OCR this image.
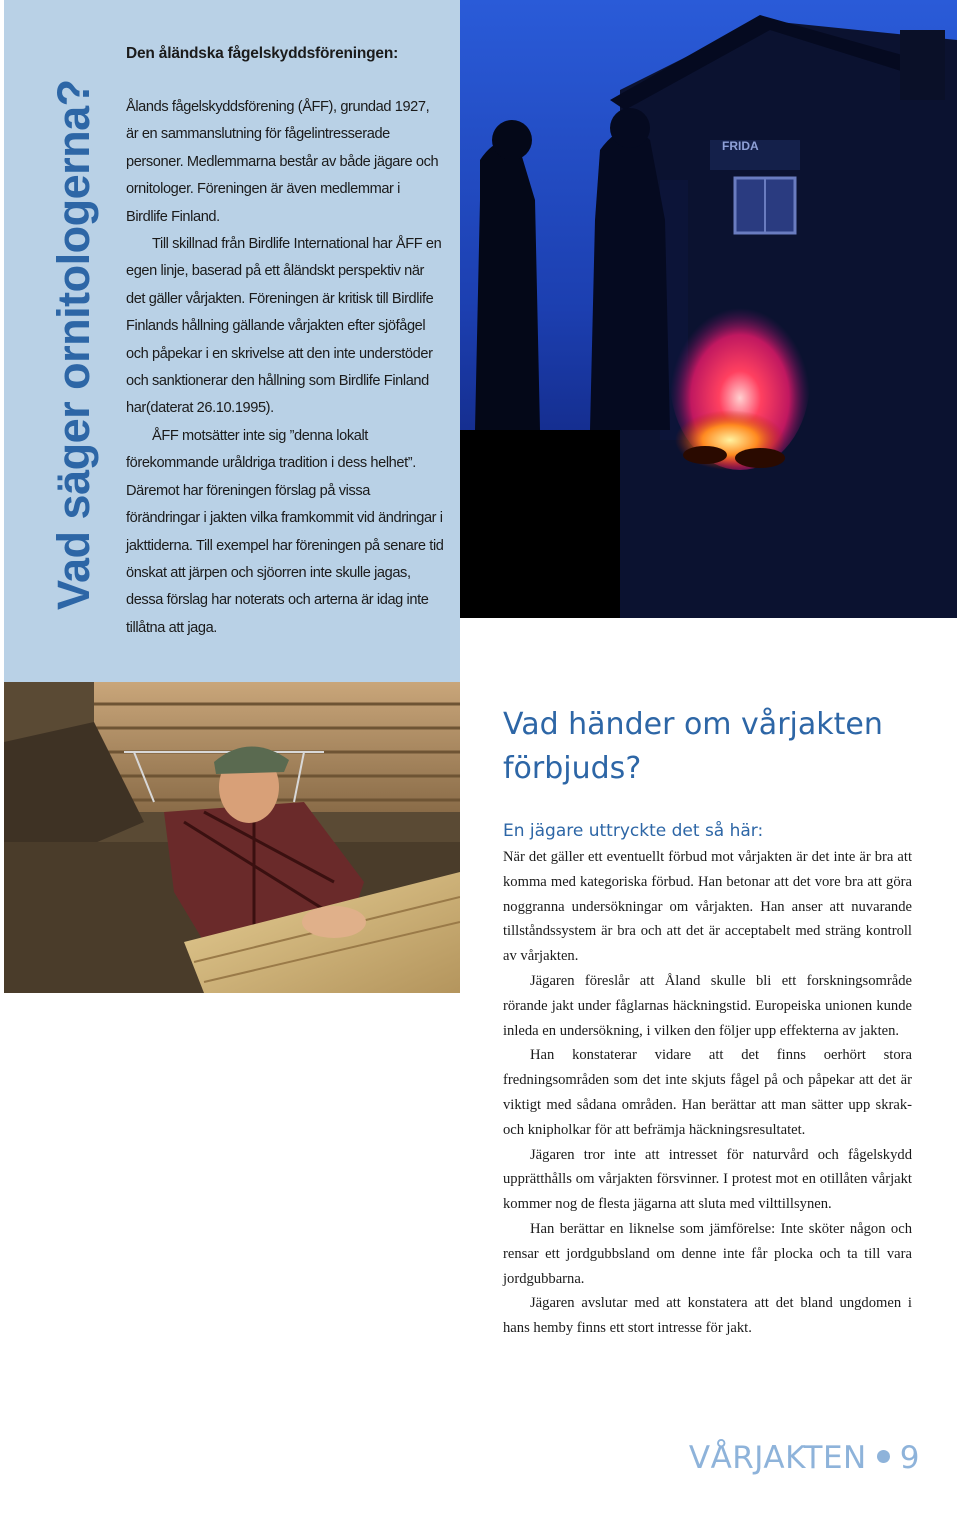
Vad säger ornitologerna?
Den åländska fågelskyddsföreningen:

Ålands fågelskyddsförening (ÅFF), grundad 1927, är en sammanslutning för fågelintresserade personer. Medlemmarna består av både jägare och ornitologer. Föreningen är även medlemmar i Birdlife Finland.

Till skillnad från Birdlife International har ÅFF en egen linje, baserad på ett åländskt perspektiv när det gäller vårjakten. Föreningen är kritisk till Birdlife Finlands hållning gällande vårjakten efter sjöfågel och påpekar i en skrivelse att den inte understöder och sanktionerar den hållning som Birdlife Finland har(daterat 26.10.1995).

ÅFF motsätter inte sig ”denna lokalt förekommande uråldriga tradition i dess helhet”. Däremot har föreningen förslag på vissa förändringar i jakten vilka framkommit vid ändringar i jakttiderna. Till exempel har föreningen på senare tid önskat att järpen och sjöorren inte skulle jagas, dessa förslag har noterats och arterna är idag inte tillåtna att jaga.

FRIDA
Vad händer om vårjakten förbjuds?
En jägare uttryckte det så här:

När det gäller ett eventuellt förbud mot vårjakten är det inte är bra att komma med kategoriska förbud. Han betonar att det vore bra att göra noggranna undersökningar om vårjakten. Han anser att nuvarande tillståndssystem är bra och att det är acceptabelt med sträng kontroll av vårjakten.

Jägaren föreslår att Åland skulle bli ett forskningsområde rörande jakt under fåglarnas häckningstid. Europeiska unionen kunde inleda en undersökning, i vilken den följer upp effekterna av jakten.

Han konstaterar vidare att det finns oerhört stora fredningsområden som det inte skjuts fågel på och påpekar att det är viktigt med sådana områden. Han berättar att man sätter upp skrak- och knipholkar för att befrämja häckningsresultatet.

Jägaren tror inte att intresset för naturvård och fågelskydd upprätthålls om vårjakten försvinner. I protest mot en otillåten vårjakt kommer nog de flesta jägarna att sluta med vilttillsynen.

Han berättar en liknelse som jämförelse: Inte sköter någon och rensar ett jordgubbsland om denne inte får plocka och ta till vara jordgubbarna.

Jägaren avslutar med att konstatera att det bland ungdomen i hans hemby finns ett stort intresse för jakt.

VÅRJAKTEN 9
